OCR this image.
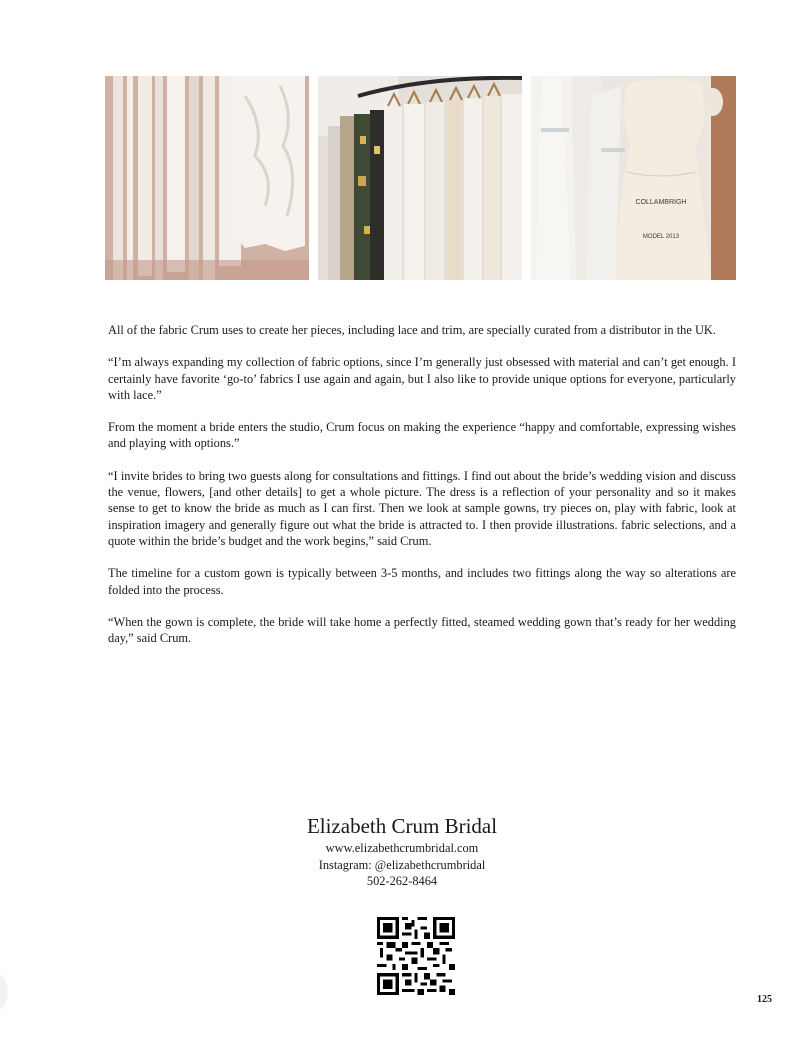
COLLAMBRIGH
MODEL 2013

All of the fabric Crum uses to create her pieces, including lace and trim, are specially curated from a distributor in the UK.

“I’m always expanding my collection of fabric options, since I’m generally just obsessed with material and can’t get enough. I certainly have favorite ‘go-to’ fabrics I use again and again, but I also like to provide unique options for everyone, particularly with lace.”

From the moment a bride enters the studio, Crum focus on making the experience “happy and comfortable, expressing wishes and playing with options.”

“I invite brides to bring two guests along for consultations and fittings. I find out about the bride’s wedding vision and discuss the venue, flowers, [and other details] to get a whole picture. The dress is a reflection of your personality and so it makes sense to get to know the bride as much as I can first. Then we look at sample gowns, try pieces on, play with fabric, look at inspiration imagery and generally figure out what the bride is attracted to. I then provide illustrations. fabric selections, and a quote within the bride’s budget and the work begins,” said Crum.

The timeline for a custom gown is typically between 3-5 months, and includes two fittings along the way so alterations are folded into the process.

“When the gown is complete, the bride will take home a perfectly fitted, steamed wedding gown that’s ready for her wedding day,” said Crum.

Elizabeth Crum Bridal
www.elizabethcrumbridal.com
Instagram: @elizabethcrumbridal
502-262-8464
125
